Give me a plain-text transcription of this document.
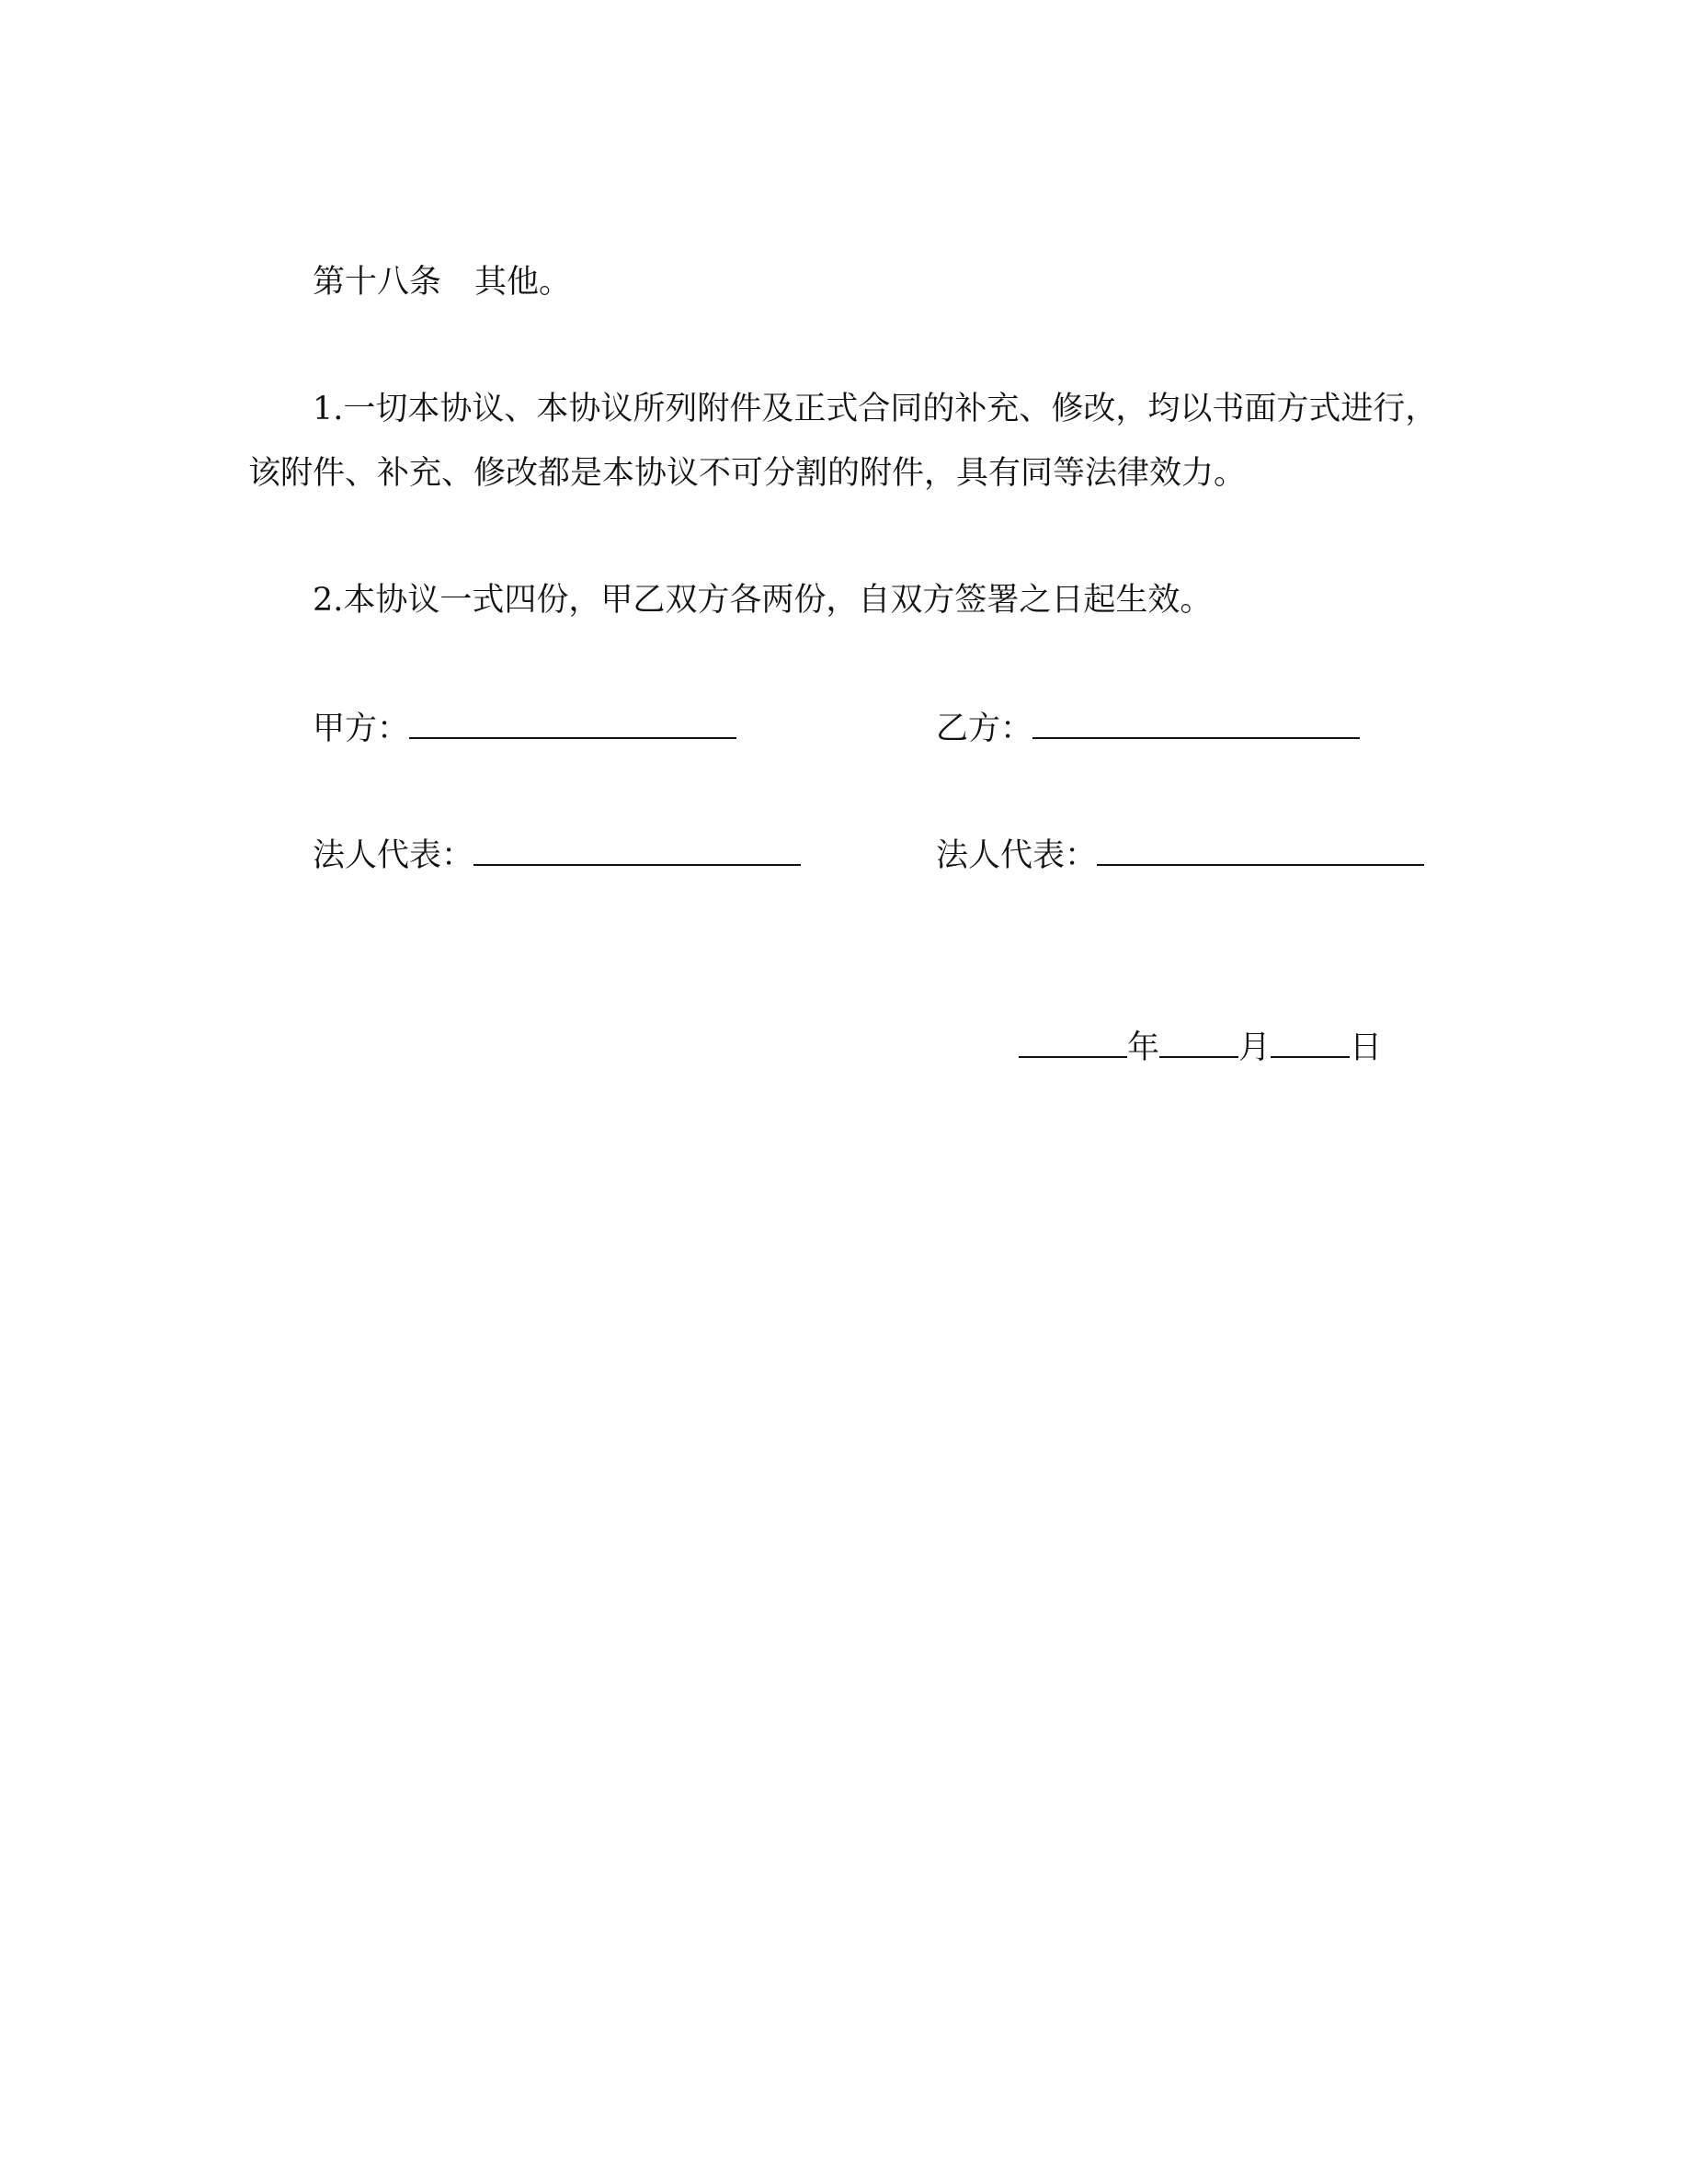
第十八条 其他。
1.一切本协议、本协议所列附件及正式合同的补充、修改，均以书面方式进行，
该附件、补充、修改都是本协议不可分割的附件，具有同等法律效力。
2.本协议一式四份，甲乙双方各两份，自双方签署之日起生效。
甲方：	乙方：
法人代表：	法人代表：
年 月 日
